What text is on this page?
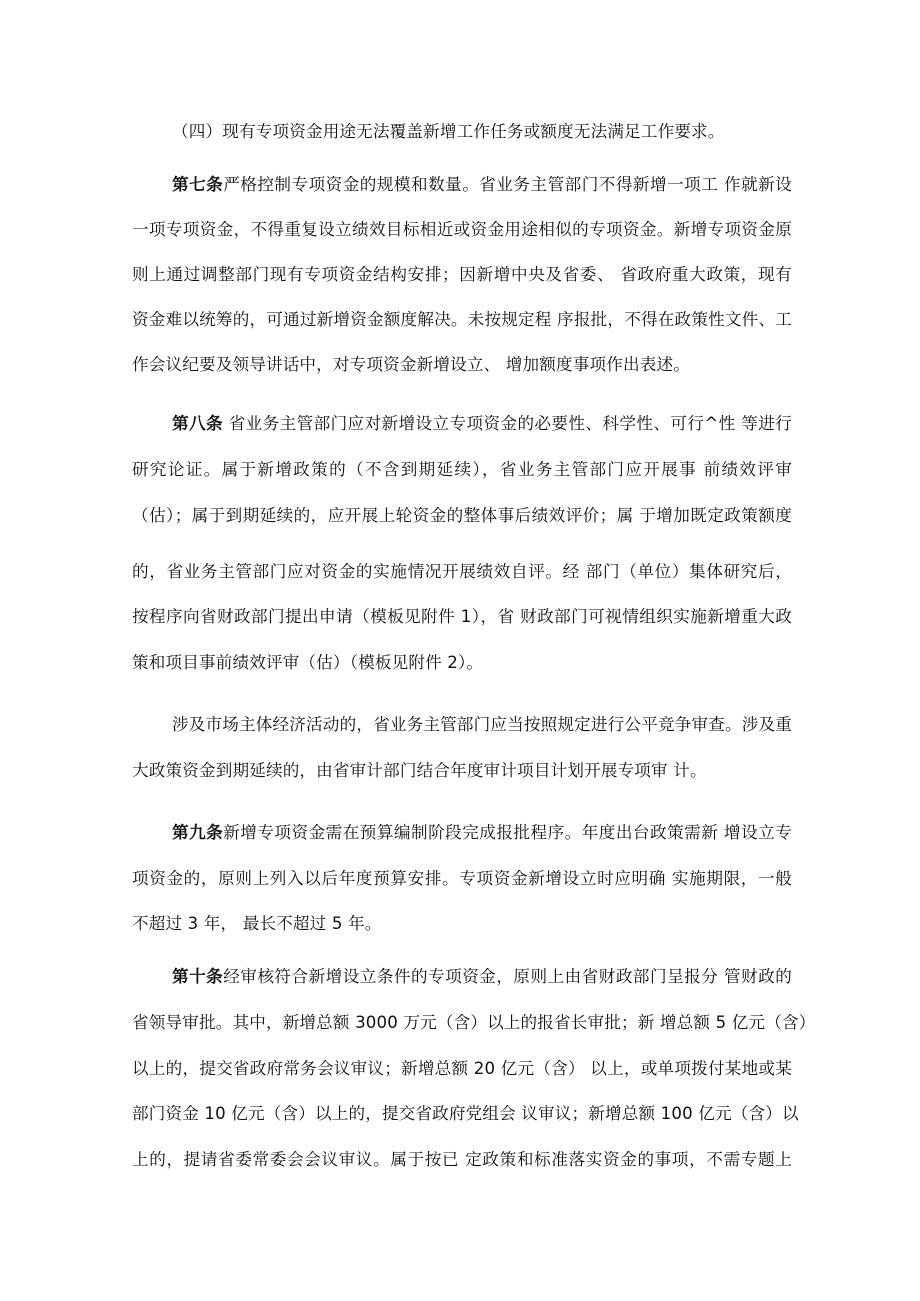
（四）现有专项资金用途无法覆盖新增工作任务或额度无法满足工作要求。
第七条严格控制专项资金的规模和数量。省业务主管部门不得新增一项工 作就新设
一项专项资金，不得重复设立绩效目标相近或资金用途相似的专项资金。新增专项资金原
则上通过调整部门现有专项资金结构安排；因新增中央及省委、 省政府重大政策，现有
资金难以统筹的，可通过新增资金额度解决。未按规定程 序报批，不得在政策性文件、工
作会议纪要及领导讲话中，对专项资金新增设立、 增加额度事项作出表述。
第八条 省业务主管部门应对新增设立专项资金的必要性、科学性、可行^性 等进行
研究论证。属于新增政策的（不含到期延续），省业务主管部门应开展事 前绩效评审
（估）；属于到期延续的，应开展上轮资金的整体事后绩效评价；属 于增加既定政策额度
的，省业务主管部门应对资金的实施情况开展绩效自评。经 部门（单位）集体研究后，
按程序向省财政部门提出申请（模板见附件 1），省 财政部门可视情组织实施新增重大政
策和项目事前绩效评审（估）（模板见附件 2）。
涉及市场主体经济活动的，省业务主管部门应当按照规定进行公平竞争审查。涉及重
大政策资金到期延续的，由省审计部门结合年度审计项目计划开展专项审 计。
第九条新增专项资金需在预算编制阶段完成报批程序。年度出台政策需新 增设立专
项资金的，原则上列入以后年度预算安排。专项资金新增设立时应明确 实施期限，一般
不超过 3 年， 最长不超过 5 年。
第十条经审核符合新增设立条件的专项资金，原则上由省财政部门呈报分 管财政的
省领导审批。其中，新增总额 3000 万元（含）以上的报省长审批；新 增总额 5 亿元（含）
以上的，提交省政府常务会议审议；新增总额 20 亿元（含） 以上，或单项拨付某地或某
部门资金 10 亿元（含）以上的，提交省政府党组会 议审议；新增总额 100 亿元（含）以
上的，提请省委常委会会议审议。属于按已 定政策和标准落实资金的事项，不需专题上
